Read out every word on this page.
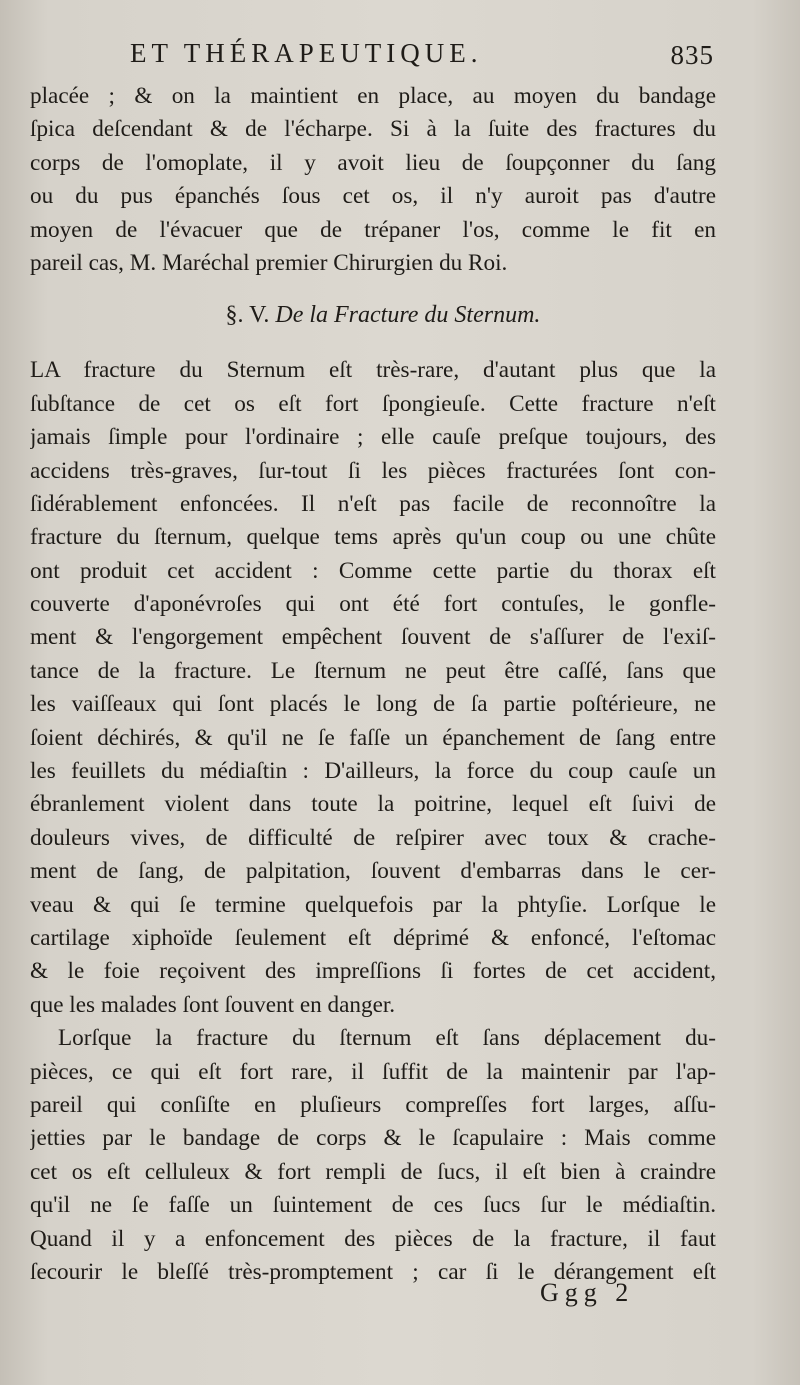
ET THÉRAPEUTIQUE.	835
placée ; & on la maintient en place, au moyen du bandage
ſpica deſcendant & de l'écharpe. Si à la ſuite des fractures du
corps de l'omoplate, il y avoit lieu de ſoupçonner du ſang
ou du pus épanchés ſous cet os, il n'y auroit pas d'autre
moyen de l'évacuer que de trépaner l'os, comme le fit en
pareil cas, M. Maréchal premier Chirurgien du Roi.
§. V. De la Fracture du Sternum.
LA fracture du Sternum eſt très-rare, d'autant plus que la
ſubſtance de cet os eſt fort ſpongieuſe. Cette fracture n'eſt
jamais ſimple pour l'ordinaire ; elle cauſe preſque toujours, des
accidens très-graves, ſur-tout ſi les pièces fracturées ſont con-
ſidérablement enfoncées. Il n'eſt pas facile de reconnoître la
fracture du ſternum, quelque tems après qu'un coup ou une chûte
ont produit cet accident : Comme cette partie du thorax eſt
couverte d'aponévroſes qui ont été fort contuſes, le gonfle-
ment & l'engorgement empêchent ſouvent de s'aſſurer de l'exiſ-
tance de la fracture. Le ſternum ne peut être caſſé, ſans que
les vaiſſeaux qui ſont placés le long de ſa partie poſtérieure, ne
ſoient déchirés, & qu'il ne ſe faſſe un épanchement de ſang entre
les feuillets du médiaſtin : D'ailleurs, la force du coup cauſe un
ébranlement violent dans toute la poitrine, lequel eſt ſuivi de
douleurs vives, de difficulté de reſpirer avec toux & crache-
ment de ſang, de palpitation, ſouvent d'embarras dans le cer-
veau & qui ſe termine quelquefois par la phtyſie. Lorſque le
cartilage xiphoïde ſeulement eſt déprimé & enfoncé, l'eſtomac
& le foie reçoivent des impreſſions ſi fortes de cet accident,
que les malades ſont ſouvent en danger.
Lorſque la fracture du ſternum eſt ſans déplacement du-
pièces, ce qui eſt fort rare, il ſuffit de la maintenir par l'ap-
pareil qui conſiſte en pluſieurs compreſſes fort larges, aſſu-
jetties par le bandage de corps & le ſcapulaire : Mais comme
cet os eſt celluleux & fort rempli de ſucs, il eſt bien à craindre
qu'il ne ſe faſſe un ſuintement de ces ſucs ſur le médiaſtin.
Quand il y a enfoncement des pièces de la fracture, il faut
ſecourir le bleſſé très-promptement ; car ſi le dérangement eſt
Ggg 2
